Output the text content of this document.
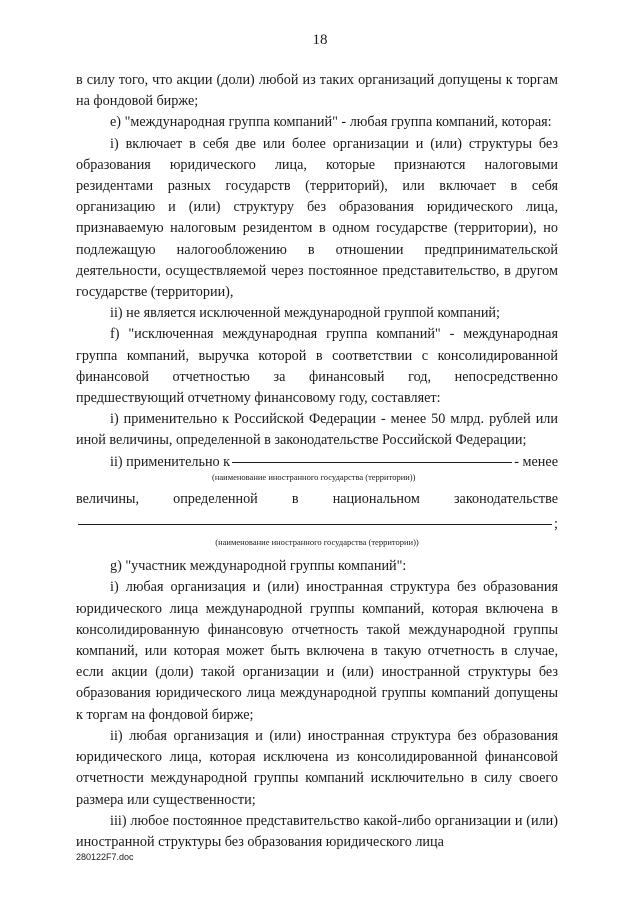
18

в силу того, что акции (доли) любой из таких организаций допущены к торгам на фондовой бирже;

е) "международная группа компаний" - любая группа компаний, которая:

i) включает в себя две или более организации и (или) структуры без образования юридического лица, которые признаются налоговыми резидентами разных государств (территорий), или включает в себя организацию и (или) структуру без образования юридического лица, признаваемую налоговым резидентом в одном государстве (территории), но подлежащую налогообложению в отношении предпринимательской деятельности, осуществляемой через постоянное представительство, в другом государстве (территории),

ii) не является исключенной международной группой компаний;

f) "исключенная международная группа компаний" - международная группа компаний, выручка которой в соответствии с консолидированной финансовой отчетностью за финансовый год, непосредственно предшествующий отчетному финансовому году, составляет:

i) применительно к Российской Федерации - менее 50 млрд. рублей или иной величины, определенной в законодательстве Российской Федерации;

ii) применительно к	- менее
(наименование иностранного государства (территории))
величины, определенной в национальном законодательстве
;
(наименование иностранного государства (территории))

g) "участник международной группы компаний":

i) любая организация и (или) иностранная структура без образования юридического лица международной группы компаний, которая включена в консолидированную финансовую отчетность такой международной группы компаний, или которая может быть включена в такую отчетность в случае, если акции (доли) такой организации и (или) иностранной структуры без образования юридического лица международной группы компаний допущены к торгам на фондовой бирже;

ii) любая организация и (или) иностранная структура без образования юридического лица, которая исключена из консолидированной финансовой отчетности международной группы компаний исключительно в силу своего размера или существенности;

iii) любое постоянное представительство какой-либо организации и (или) иностранной структуры без образования юридического лица

280122F7.doc
